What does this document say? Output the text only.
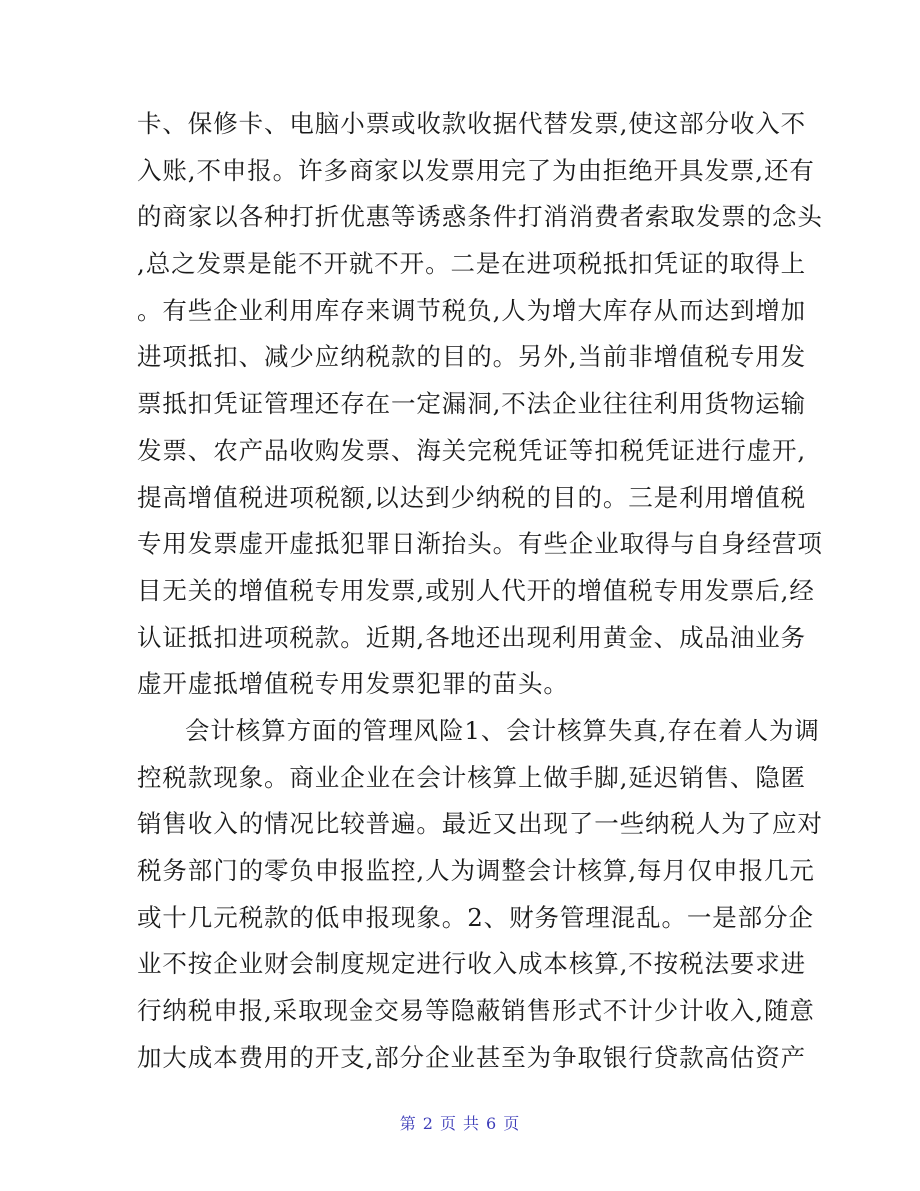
卡、保修卡、电脑小票或收款收据代替发票,使这部分收入不
入账,不申报。许多商家以发票用完了为由拒绝开具发票,还有
的商家以各种打折优惠等诱惑条件打消消费者索取发票的念头
,总之发票是能不开就不开。二是在进项税抵扣凭证的取得上
。有些企业利用库存来调节税负,人为增大库存从而达到增加
进项抵扣、减少应纳税款的目的。另外,当前非增值税专用发
票抵扣凭证管理还存在一定漏洞,不法企业往往利用货物运输
发票、农产品收购发票、海关完税凭证等扣税凭证进行虚开,
提高增值税进项税额,以达到少纳税的目的。三是利用增值税
专用发票虚开虚抵犯罪日渐抬头。有些企业取得与自身经营项
目无关的增值税专用发票,或别人代开的增值税专用发票后,经
认证抵扣进项税款。近期,各地还出现利用黄金、成品油业务
虚开虚抵增值税专用发票犯罪的苗头。
会计核算方面的管理风险1、会计核算失真,存在着人为调
控税款现象。商业企业在会计核算上做手脚,延迟销售、隐匿
销售收入的情况比较普遍。最近又出现了一些纳税人为了应对
税务部门的零负申报监控,人为调整会计核算,每月仅申报几元
或十几元税款的低申报现象。2、财务管理混乱。一是部分企
业不按企业财会制度规定进行收入成本核算,不按税法要求进
行纳税申报,采取现金交易等隐蔽销售形式不计少计收入,随意
加大成本费用的开支,部分企业甚至为争取银行贷款高估资产
第 2 页 共 6 页
